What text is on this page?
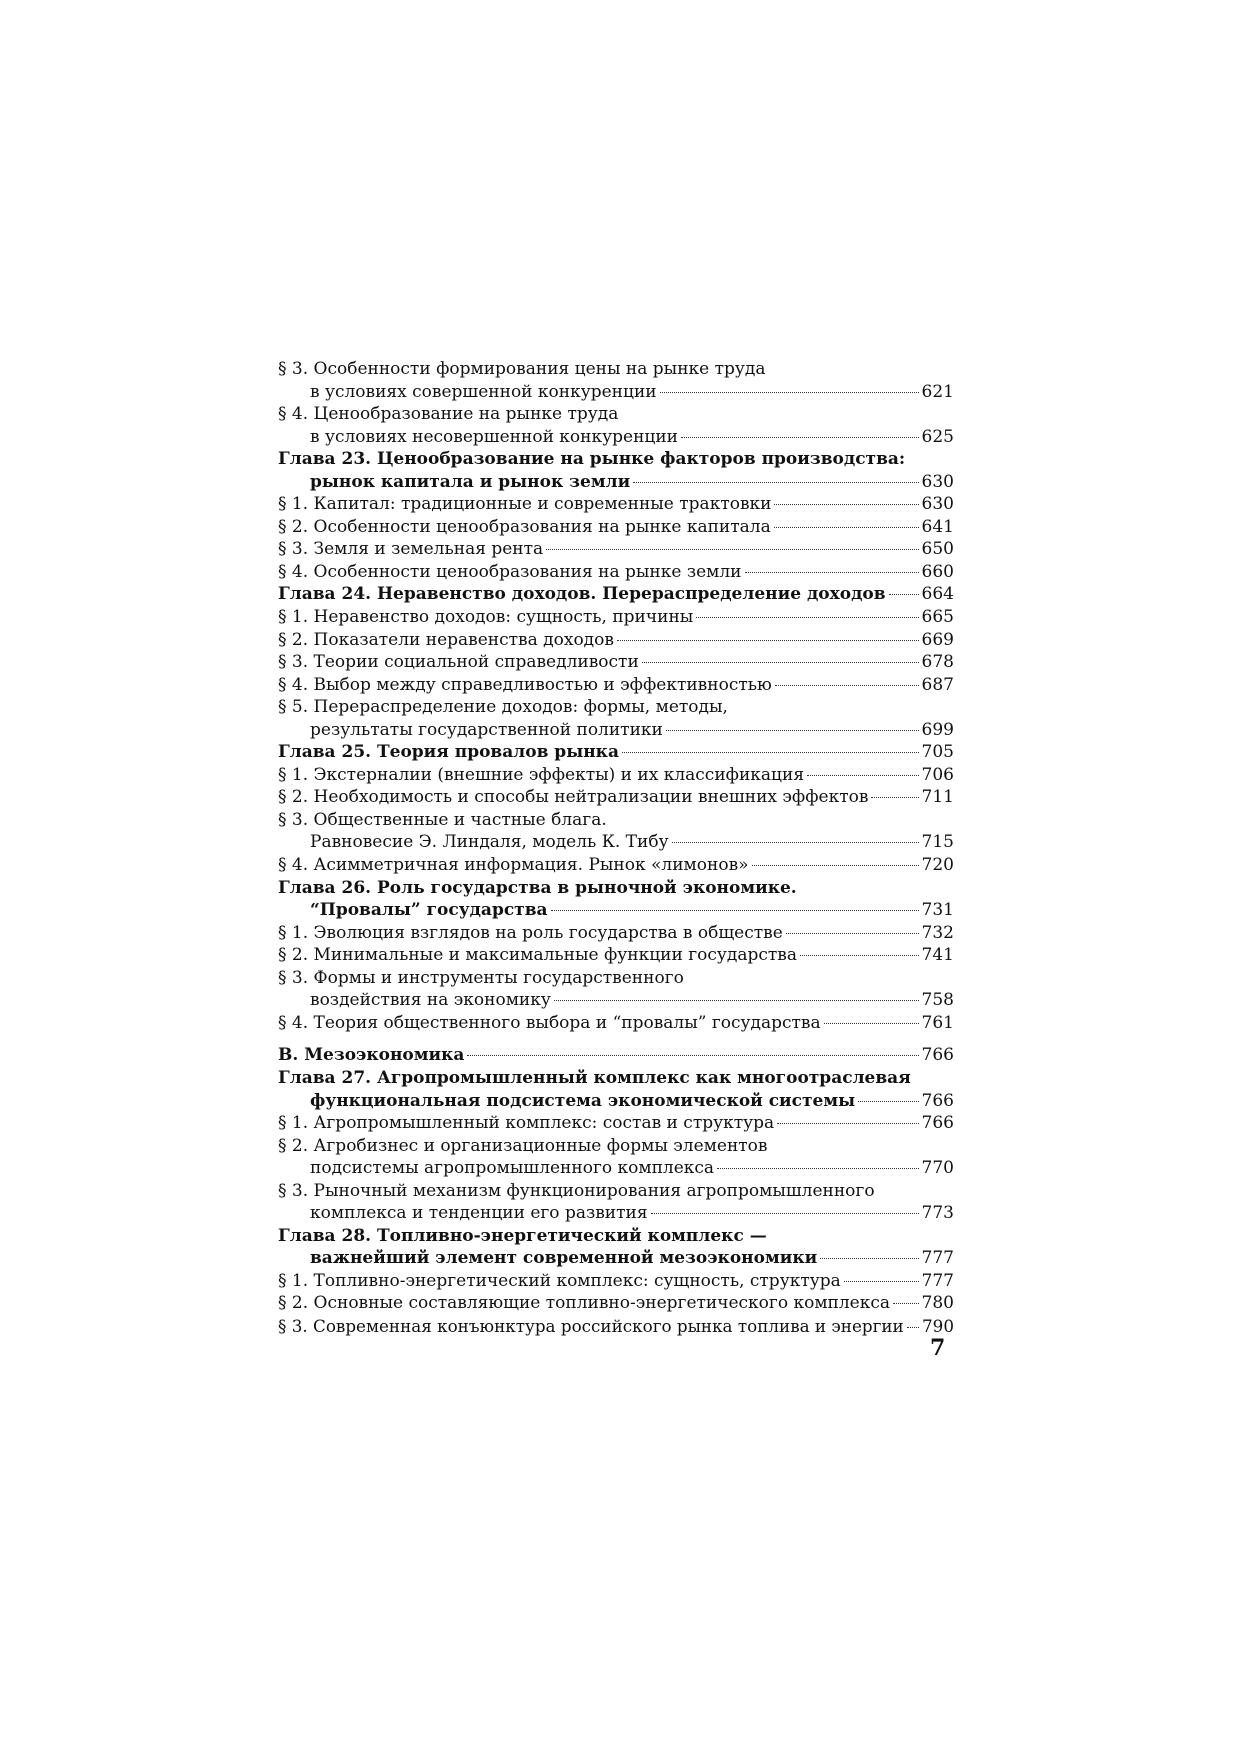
§ 3. Особенности формирования цены на рынке труда
в условиях совершенной конкуренции	621
§ 4. Ценообразование на рынке труда
в условиях несовершенной конкуренции	625
Глава 23. Ценообразование на рынке факторов производства:
рынок капитала и рынок земли	630
§ 1. Капитал: традиционные и современные трактовки	630
§ 2. Особенности ценообразования на рынке капитала	641
§ 3. Земля и земельная рента	650
§ 4. Особенности ценообразования на рынке земли	660
Глава 24. Неравенство доходов. Перераспределение доходов 664
§ 1. Неравенство доходов: сущность, причины	665
§ 2. Показатели неравенства доходов	669
§ 3. Теории социальной справедливости	678
§ 4. Выбор между справедливостью и эффективностью	687
§ 5. Перераспределение доходов: формы, методы,
результаты государственной политики	699
Глава 25. Теория провалов рынка	705
§ 1. Экстерналии (внешние эффекты) и их классификация	706
§ 2. Необходимость и способы нейтрализации внешних эффектов	711
§ 3. Общественные и частные блага.
Равновесие Э. Линдаля, модель К. Тибу	715
§ 4. Асимметричная информация. Рынок «лимонов»	720
Глава 26. Роль государства в рыночной экономике.
“Провалы” государства	731
§ 1. Эволюция взглядов на роль государства в обществе	732
§ 2. Минимальные и максимальные функции государства	741
§ 3. Формы и инструменты государственного
воздействия на экономику	758
§ 4. Теория общественного выбора и “провалы” государства	761
В. Мезоэкономика	766
Глава 27. Агропромышленный комплекс как многоотраслевая
функциональная подсистема экономической системы	766
§ 1. Агропромышленный комплекс: состав и структура	766
§ 2. Агробизнес и организационные формы элементов
подсистемы агропромышленного комплекса	770
§ 3. Рыночный механизм функционирования агропромышленного
комплекса и тенденции его развития	773
Глава 28. Топливно-энергетический комплекс —
важнейший элемент современной мезоэкономики	777
§ 1. Топливно-энергетический комплекс: сущность, структура	777
§ 2. Основные составляющие топливно-энергетического комплекса 780
§ 3. Современная конъюнктура российского рынка топлива и энергии 790
7
